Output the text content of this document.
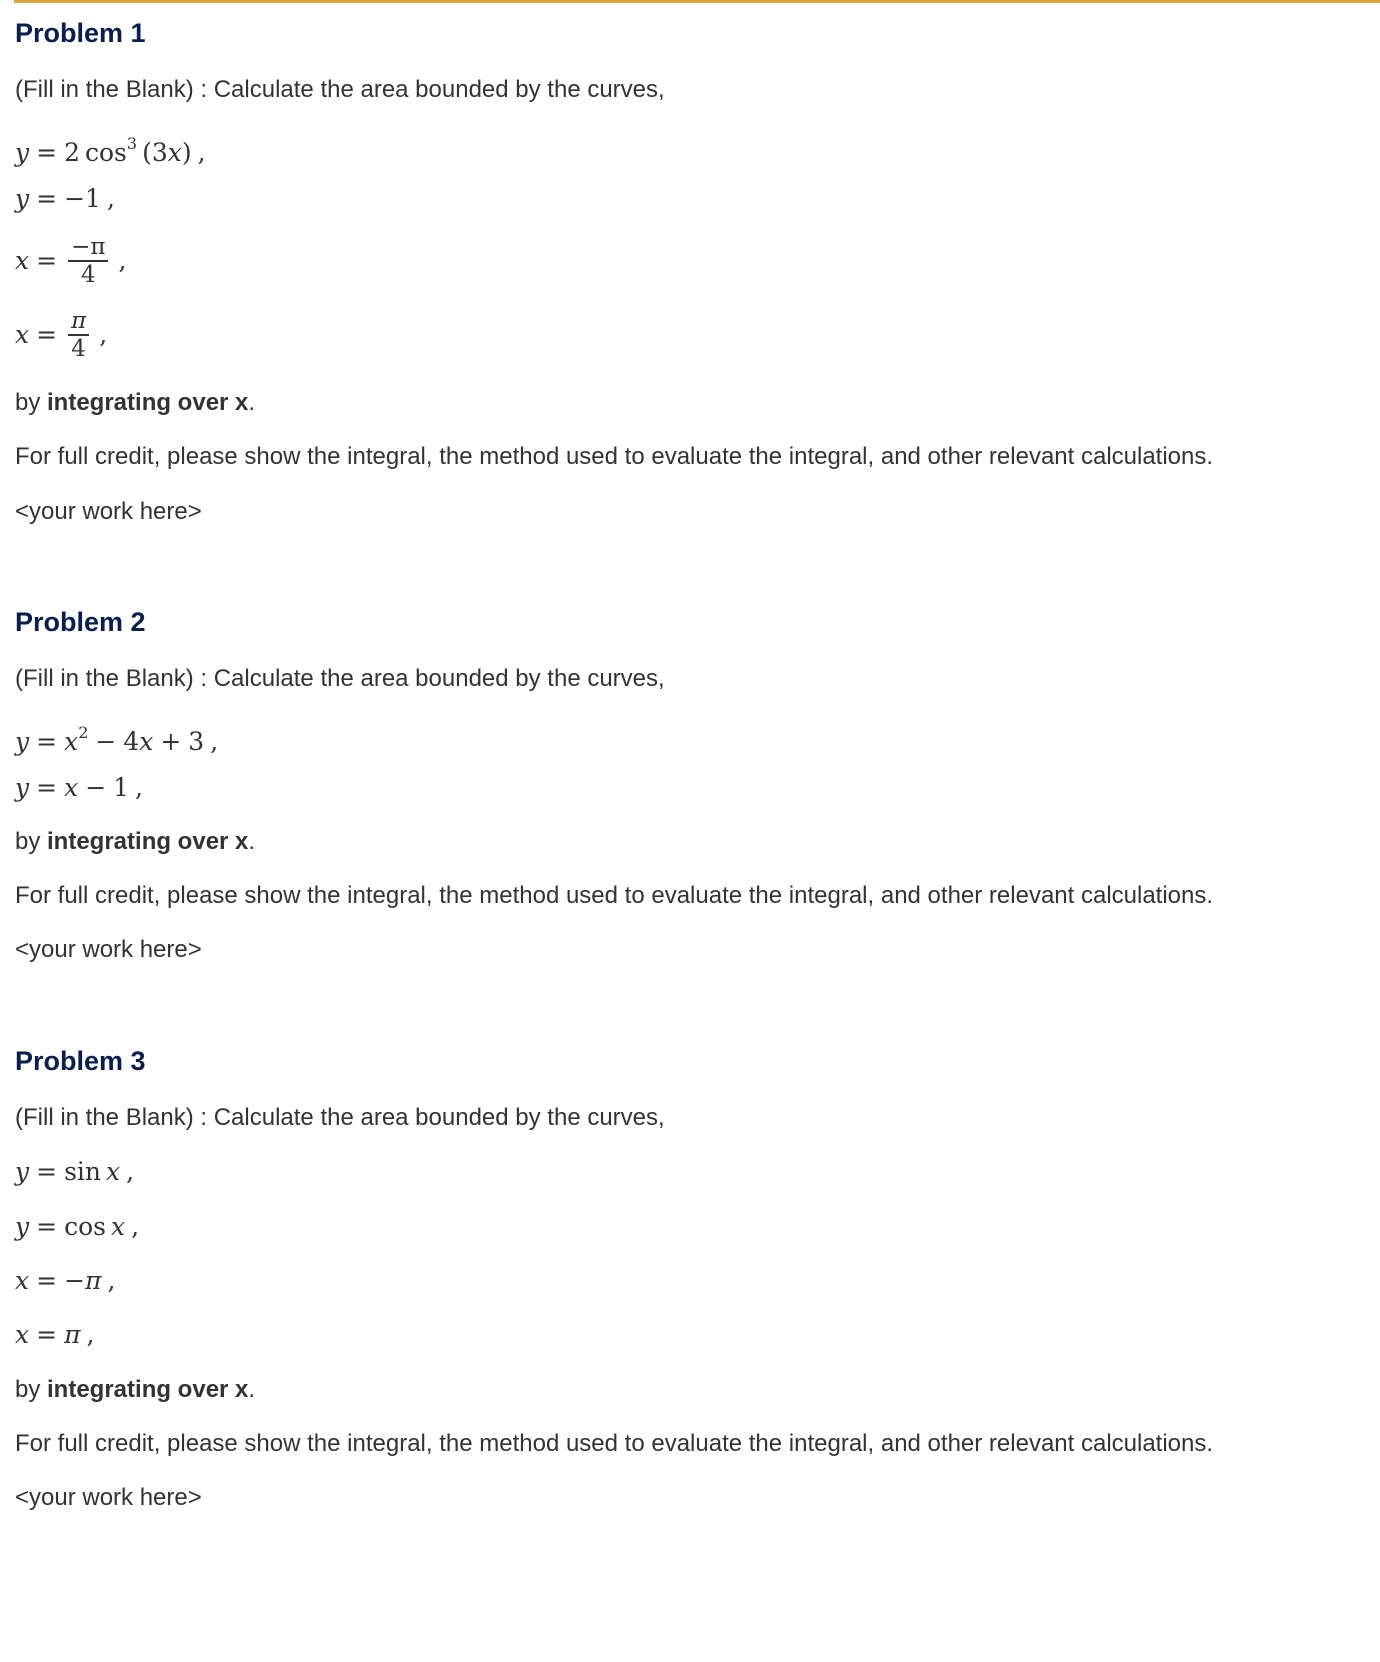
Problem 1

(Fill in the Blank) : Calculate the area bounded by the curves,

y = 2  $\cos^3 (3x)$ ,

y = −1 ,

$x = \frac{-\pi}{4}$ ,
$x = \frac{\pi}{4}$ ,

by integrating over x.

For full credit, please show the integral, the method used to evaluate the integral, and other relevant calculations.

<your work here>

Problem 2

(Fill in the Blank) : Calculate the area bounded by the curves,

$y = x^2 - 4x + 3$ ,

y = x − 1 ,

by integrating over x.

For full credit, please show the integral, the method used to evaluate the integral, and other relevant calculations.

<your work here>

Problem 3

(Fill in the Blank) : Calculate the area bounded by the curves,

y = sin  x ,

y = cos  x ,

x = −π ,

x = π ,

by integrating over x.

For full credit, please show the integral, the method used to evaluate the integral, and other relevant calculations.

<your work here>
